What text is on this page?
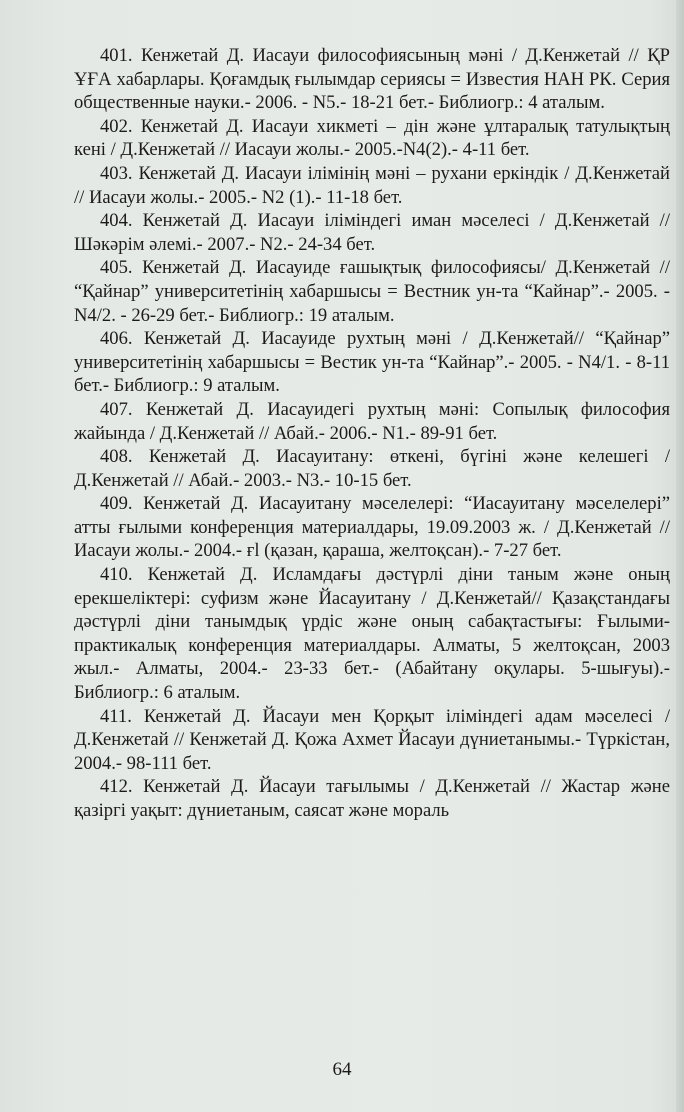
401. Кенжетай Д. Иасауи философиясының мәні / Д.Кенжетай // ҚР ҰҒА хабарлары. Қоғамдық ғылымдар сериясы = Известия НАН РК. Серия общественные науки.- 2006. - N5.- 18-21 бет.- Библиогр.: 4 аталым.

402. Кенжетай Д. Иасауи хикметі – дін және ұлтаралық татулықтың кені / Д.Кенжетай // Иасауи жолы.- 2005.-N4(2).- 4-11 бет.

403. Кенжетай Д. Иасауи ілімінің мәні – рухани еркіндік / Д.Кенжетай // Иасауи жолы.- 2005.- N2 (1).- 11-18 бет.

404. Кенжетай Д. Иасауи іліміндегі иман мәселесі / Д.Кенжетай // Шәкәрім әлемі.- 2007.- N2.- 24-34 бет.

405. Кенжетай Д. Иасауиде ғашықтық философиясы/ Д.Кенжетай // “Қайнар” университетінің хабаршысы = Вестник ун-та “Кайнар”.- 2005. - N4/2. - 26-29 бет.- Библиогр.: 19 аталым.

406. Кенжетай Д. Иасауиде рухтың мәні / Д.Кенжетай// “Қайнар” университетінің хабаршысы = Вестик ун-та “Кайнар”.- 2005. - N4/1. - 8-11 бет.- Библиогр.: 9 аталым.

407. Кенжетай Д. Иасауидегі рухтың мәні: Сопылық философия жайында / Д.Кенжетай // Абай.- 2006.- N1.- 89-91 бет.

408. Кенжетай Д. Иасауитану: өткені, бүгіні және келешегі / Д.Кенжетай // Абай.- 2003.- N3.- 10-15 бет.

409. Кенжетай Д. Иасауитану мәселелері: “Иасауитану мәселелері” атты ғылыми конференция материалдары, 19.09.2003 ж. / Д.Кенжетай // Иасауи жолы.- 2004.- ғl (қазан, қараша, желтоқсан).- 7-27 бет.

410. Кенжетай Д. Исламдағы дәстүрлі діни таным және оның ерекшеліктері: суфизм және Йасауитану / Д.Кенжетай// Қазақстандағы дәстүрлі діни танымдық үрдіс және оның сабақтастығы: Ғылыми-практикалық конференция материалдары. Алматы, 5 желтоқсан, 2003 жыл.- Алматы, 2004.- 23-33 бет.- (Абайтану оқулары. 5-шығуы).- Библиогр.: 6 аталым.

411. Кенжетай Д. Йасауи мен Қорқыт іліміндегі адам мәселесі / Д.Кенжетай // Кенжетай Д. Қожа Ахмет Йасауи дүниетанымы.- Түркістан, 2004.- 98-111 бет.

412. Кенжетай Д. Йасауи тағылымы / Д.Кенжетай // Жастар және қазіргі уақыт: дүниетаным, саясат және мораль

64
